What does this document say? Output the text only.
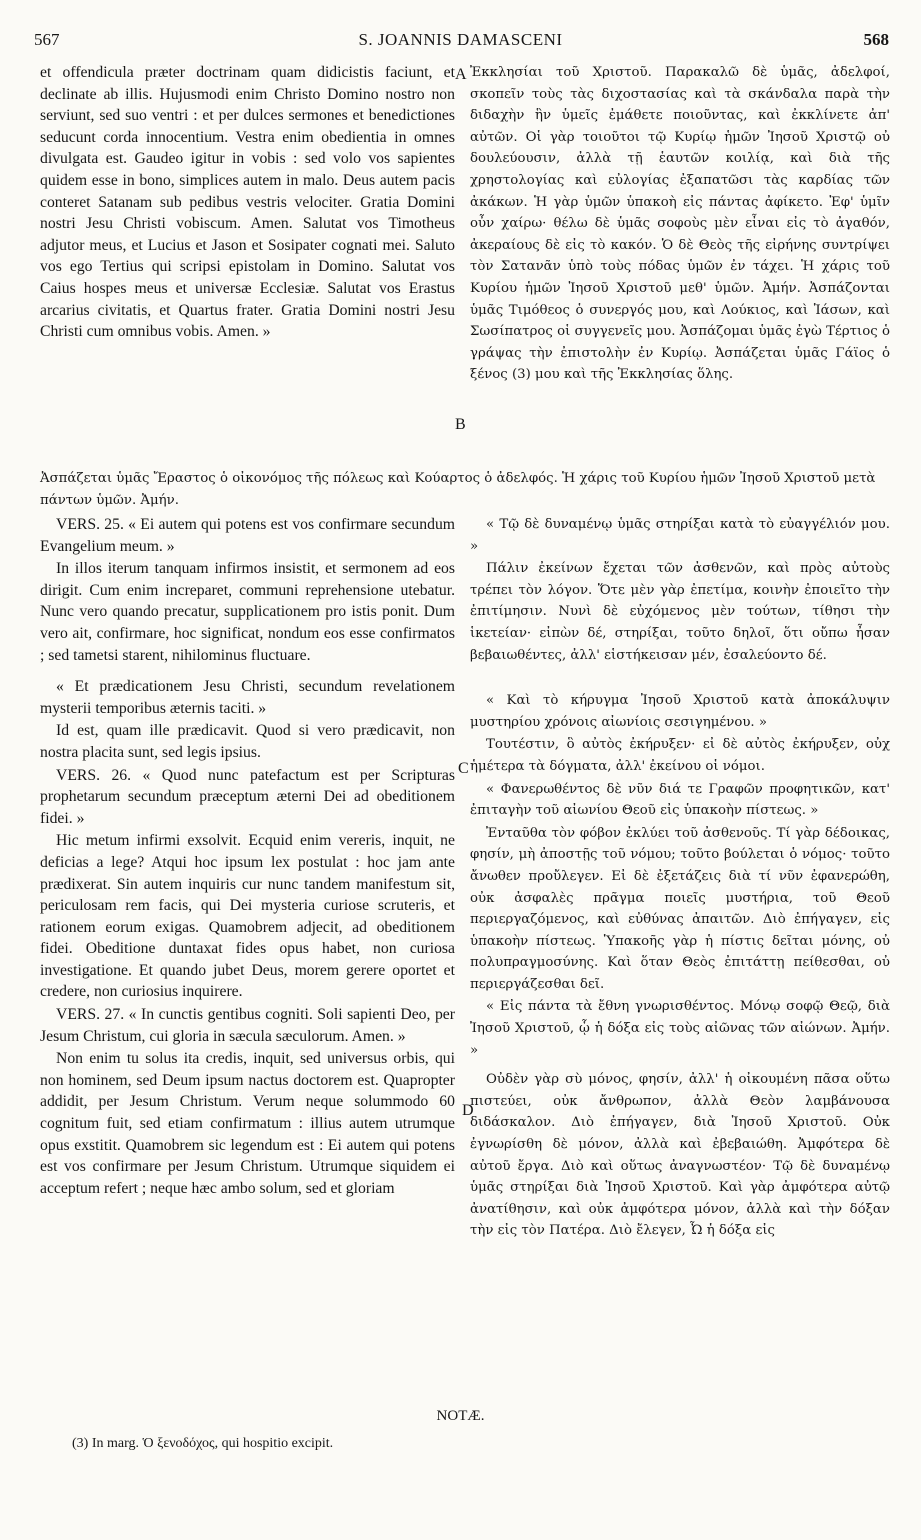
567	S. JOANNIS DAMASCENI	568

et offendicula præter doctrinam quam didicistis faciunt, et declinate ab illis. Hujusmodi enim Christo Domino nostro non serviunt, sed suo ventri : et per dulces sermones et benedictiones seducunt corda innocentium. Vestra enim obedientia in omnes divulgata est. Gaudeo igitur in vobis : sed volo vos sapientes quidem esse in bono, simplices autem in malo. Deus autem pacis conteret Satanam sub pedibus vestris velociter. Gratia Domini nostri Jesu Christi vobiscum. Amen. Salutat vos Timotheus adjutor meus, et Lucius et Jason et Sosipater cognati mei. Saluto vos ego Tertius qui scripsi epistolam in Domino. Salutat vos Caius hospes meus et universæ Ecclesiæ. Salutat vos Erastus arcarius civitatis, et Quartus frater. Gratia Domini nostri Jesu Christi cum omnibus vobis. Amen. »

Ἐκκλησίαι τοῦ Χριστοῦ. Παρακαλῶ δὲ ὑμᾶς, ἀδελφοί, σκοπεῖν τοὺς τὰς διχοστασίας καὶ τὰ σκάνδαλα παρὰ τὴν διδαχὴν ἣν ὑμεῖς ἐμάθετε ποιοῦντας, καὶ ἐκκλίνετε ἀπ' αὐτῶν. Οἱ γὰρ τοιοῦτοι τῷ Κυρίῳ ἡμῶν Ἰησοῦ Χριστῷ οὐ δουλεύουσιν, ἀλλὰ τῇ ἑαυτῶν κοιλίᾳ, καὶ διὰ τῆς χρηστολογίας καὶ εὐλογίας ἐξαπατῶσι τὰς καρδίας τῶν ἀκάκων. Ἡ γὰρ ὑμῶν ὑπακοὴ εἰς πάντας ἀφίκετο. Ἐφ' ὑμῖν οὖν χαίρω· θέλω δὲ ὑμᾶς σοφοὺς μὲν εἶναι εἰς τὸ ἀγαθόν, ἀκεραίους δὲ εἰς τὸ κακόν. Ὁ δὲ Θεὸς τῆς εἰρήνης συντρίψει τὸν Σατανᾶν ὑπὸ τοὺς πόδας ὑμῶν ἐν τάχει. Ἡ χάρις τοῦ Κυρίου ἡμῶν Ἰησοῦ Χριστοῦ μεθ' ὑμῶν. Ἀμήν. Ἀσπάζονται ὑμᾶς Τιμόθεος ὁ συνεργός μου, καὶ Λούκιος, καὶ Ἰάσων, καὶ Σωσίπατρος οἱ συγγενεῖς μου. Ἀσπάζομαι ὑμᾶς ἐγὼ Τέρτιος ὁ γράψας τὴν ἐπιστολὴν ἐν Κυρίῳ. Ἀσπάζεται ὑμᾶς Γάϊος ὁ ξένος (3) μου καὶ τῆς Ἐκκλησίας ὅλης.

Ἀσπάζεται ὑμᾶς Ἔραστος ὁ οἰκονόμος τῆς πόλεως καὶ Κούαρτος ὁ ἀδελφός. Ἡ χάρις τοῦ Κυρίου ἡμῶν Ἰησοῦ Χριστοῦ μετὰ πάντων ὑμῶν. Ἀμήν.

VERS. 25. « Ei autem qui potens est vos confirmare secundum Evangelium meum. »

In illos iterum tanquam infirmos insistit, et sermonem ad eos dirigit. Cum enim increparet, communi reprehensione utebatur. Nunc vero quando precatur, supplicationem pro istis ponit. Dum vero ait, confirmare, hoc significat, nondum eos esse confirmatos ; sed tametsi starent, nihilominus fluctuare.

« Et prædicationem Jesu Christi, secundum revelationem mysterii temporibus æternis taciti. »

Id est, quam ille prædicavit. Quod si vero prædicavit, non nostra placita sunt, sed legis ipsius.

VERS. 26. « Quod nunc patefactum est per Scripturas prophetarum secundum præceptum æterni Dei ad obeditionem fidei. »

Hic metum infirmi exsolvit. Ecquid enim vereris, inquit, ne deficias a lege? Atqui hoc ipsum lex postulat : hoc jam ante prædixerat. Sin autem inquiris cur nunc tandem manifestum sit, periculosam rem facis, qui Dei mysteria curiose scruteris, et rationem eorum exigas. Quamobrem adjecit, ad obeditionem fidei. Obeditione duntaxat fides opus habet, non curiosa investigatione. Et quando jubet Deus, morem gerere oportet et credere, non curiosius inquirere.

VERS. 27. « In cunctis gentibus cogniti. Soli sapienti Deo, per Jesum Christum, cui gloria in sæcula sæculorum. Amen. »

Non enim tu solus ita credis, inquit, sed universus orbis, qui non hominem, sed Deum ipsum nactus doctorem est. Quapropter addidit, per Jesum Christum. Verum neque solummodo 60 cognitum fuit, sed etiam confirmatum : illius autem utrumque opus exstitit. Quamobrem sic legendum est : Ei autem qui potens est vos confirmare per Jesum Christum. Utrumque siquidem ei acceptum refert ; neque hæc ambo solum, sed et gloriam

« Τῷ δὲ δυναμένῳ ὑμᾶς στηρίξαι κατὰ τὸ εὐαγγέλιόν μου. »

Πάλιν ἐκείνων ἔχεται τῶν ἀσθενῶν, καὶ πρὸς αὐτοὺς τρέπει τὸν λόγον. Ὅτε μὲν γὰρ ἐπετίμα, κοινὴν ἐποιεῖτο τὴν ἐπιτίμησιν. Νυνὶ δὲ εὐχόμενος μὲν τούτων, τίθησι τὴν ἱκετείαν· εἰπὼν δέ, στηρίξαι, τοῦτο δηλοῖ, ὅτι οὔπω ἦσαν βεβαιωθέντες, ἀλλ' εἱστήκεισαν μέν, ἐσαλεύοντο δέ.

« Καὶ τὸ κήρυγμα Ἰησοῦ Χριστοῦ κατὰ ἀποκάλυψιν μυστηρίου χρόνοις αἰωνίοις σεσιγημένου. »

Τουτέστιν, ὃ αὐτὸς ἐκήρυξεν· εἰ δὲ αὐτὸς ἐκήρυξεν, οὐχ ἡμέτερα τὰ δόγματα, ἀλλ' ἐκείνου οἱ νόμοι.

« Φανερωθέντος δὲ νῦν διά τε Γραφῶν προφητικῶν, κατ' ἐπιταγὴν τοῦ αἰωνίου Θεοῦ εἰς ὑπακοὴν πίστεως. »

Ἐνταῦθα τὸν φόβον ἐκλύει τοῦ ἀσθενοῦς. Τί γὰρ δέδοικας, φησίν, μὴ ἀποστῇς τοῦ νόμου; τοῦτο βούλεται ὁ νόμος· τοῦτο ἄνωθεν προὔλεγεν. Εἰ δὲ ἐξετάζεις διὰ τί νῦν ἐφανερώθη, οὐκ ἀσφαλὲς πρᾶγμα ποιεῖς μυστήρια, τοῦ Θεοῦ περιεργαζόμενος, καὶ εὐθύνας ἀπαιτῶν. Διὸ ἐπήγαγεν, εἰς ὑπακοὴν πίστεως. Ὑπακοῆς γὰρ ἡ πίστις δεῖται μόνης, οὐ πολυπραγμοσύνης. Καὶ ὅταν Θεὸς ἐπιτάττῃ πείθεσθαι, οὐ περιεργάζεσθαι δεῖ.

« Εἰς πάντα τὰ ἔθνη γνωρισθέντος. Μόνῳ σοφῷ Θεῷ, διὰ Ἰησοῦ Χριστοῦ, ᾧ ἡ δόξα εἰς τοὺς αἰῶνας τῶν αἰώνων. Ἀμήν. »

Οὐδὲν γὰρ σὺ μόνος, φησίν, ἀλλ' ἡ οἰκουμένη πᾶσα οὕτω πιστεύει, οὐκ ἄνθρωπον, ἀλλὰ Θεὸν λαμβάνουσα διδάσκαλον. Διὸ ἐπήγαγεν, διὰ Ἰησοῦ Χριστοῦ. Οὐκ ἐγνωρίσθη δὲ μόνον, ἀλλὰ καὶ ἐβεβαιώθη. Ἀμφότερα δὲ αὐτοῦ ἔργα. Διὸ καὶ οὕτως ἀναγνωστέον· Τῷ δὲ δυναμένῳ ὑμᾶς στηρίξαι διὰ Ἰησοῦ Χριστοῦ. Καὶ γὰρ ἀμφότερα αὐτῷ ἀνατίθησιν, καὶ οὐκ ἀμφότερα μόνον, ἀλλὰ καὶ τὴν δόξαν τὴν εἰς τὸν Πατέρα. Διὸ ἔλεγεν, Ὦ ἡ δόξα εἰς

A
B
C
D
NOTÆ.
(3) In marg. Ὁ ξενοδόχος, qui hospitio excipit.
